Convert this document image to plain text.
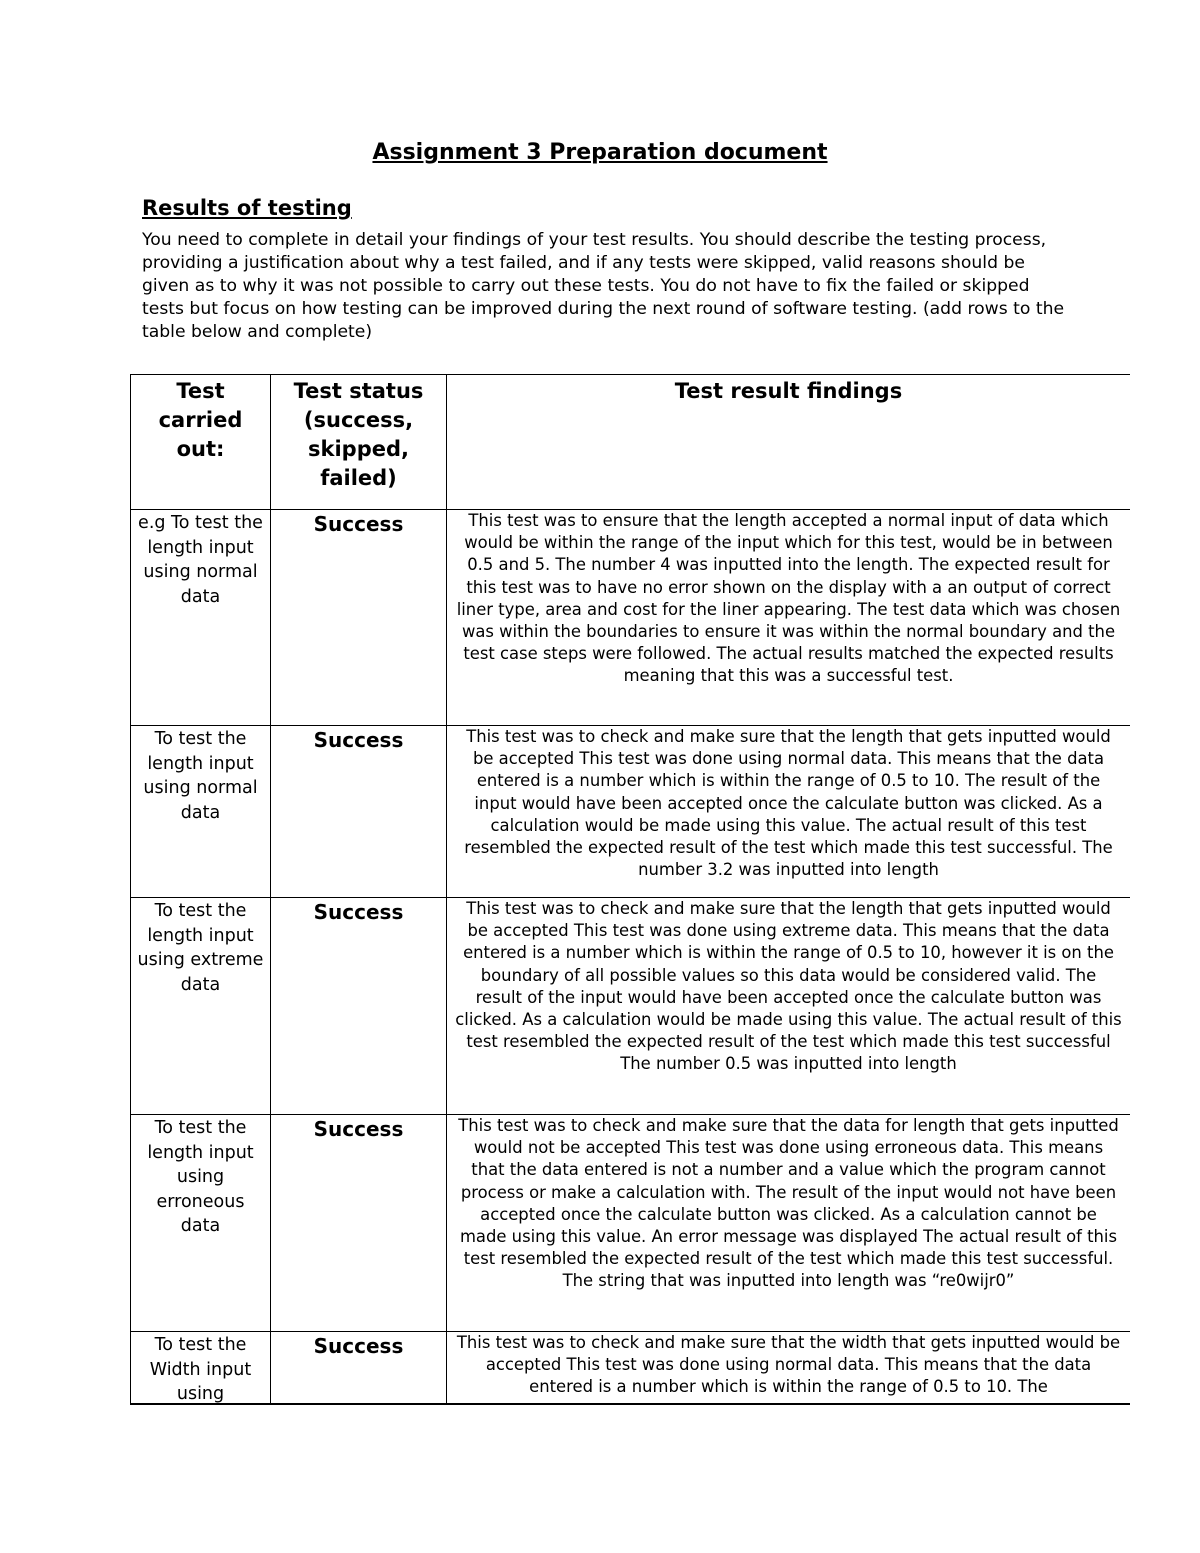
Assignment 3 Preparation document
Results of testing

You need to complete in detail your findings of your test results. You should describe the testing process, providing a justification about why a test failed, and if any tests were skipped, valid reasons should be given as to why it was not possible to carry out these tests. You do not have to fix the failed or skipped tests but focus on how testing can be improved during the next round of software testing. (add rows to the table below and complete)

Test carried out:	Test status (success, skipped, failed)	Test result findings
e.g To test the length input using normal data	Success	This test was to ensure that the length accepted a normal input of data which would be within the range of the input which for this test, would be in between 0.5 and 5. The number 4 was inputted into the length. The expected result for this test was to have no error shown on the display with a an output of correct liner type, area and cost for the liner appearing. The test data which was chosen was within the boundaries to ensure it was within the normal boundary and the test case steps were followed. The actual results matched the expected results meaning that this was a successful test.
To test the length input using normal data	Success	This test was to check and make sure that the length that gets inputted would be accepted This test was done using normal data. This means that the data entered is a number which is within the range of 0.5 to 10. The result of the input would have been accepted once the calculate button was clicked. As a calculation would be made using this value. The actual result of this test resembled the expected result of the test which made this test successful. The number 3.2 was inputted into length
To test the length input using extreme data	Success	This test was to check and make sure that the length that gets inputted would be accepted This test was done using extreme data. This means that the data entered is a number which is within the range of 0.5 to 10, however it is on the boundary of all possible values so this data would be considered valid. The result of the input would have been accepted once the calculate button was clicked. As a calculation would be made using this value. The actual result of this test resembled the expected result of the test which made this test successful The number 0.5 was inputted into length
To test the length input using erroneous data	Success	This test was to check and make sure that the data for length that gets inputted would not be accepted This test was done using erroneous data. This means that the data entered is not a number and a value which the program cannot process or make a calculation with. The result of the input would not have been accepted once the calculate button was clicked. As a calculation cannot be made using this value. An error message was displayed The actual result of this test resembled the expected result of the test which made this test successful. The string that was inputted into length was “re0wijr0”
To test the Width input using	Success	This test was to check and make sure that the width that gets inputted would be accepted This test was done using normal data. This means that the data entered is a number which is within the range of 0.5 to 10. The
